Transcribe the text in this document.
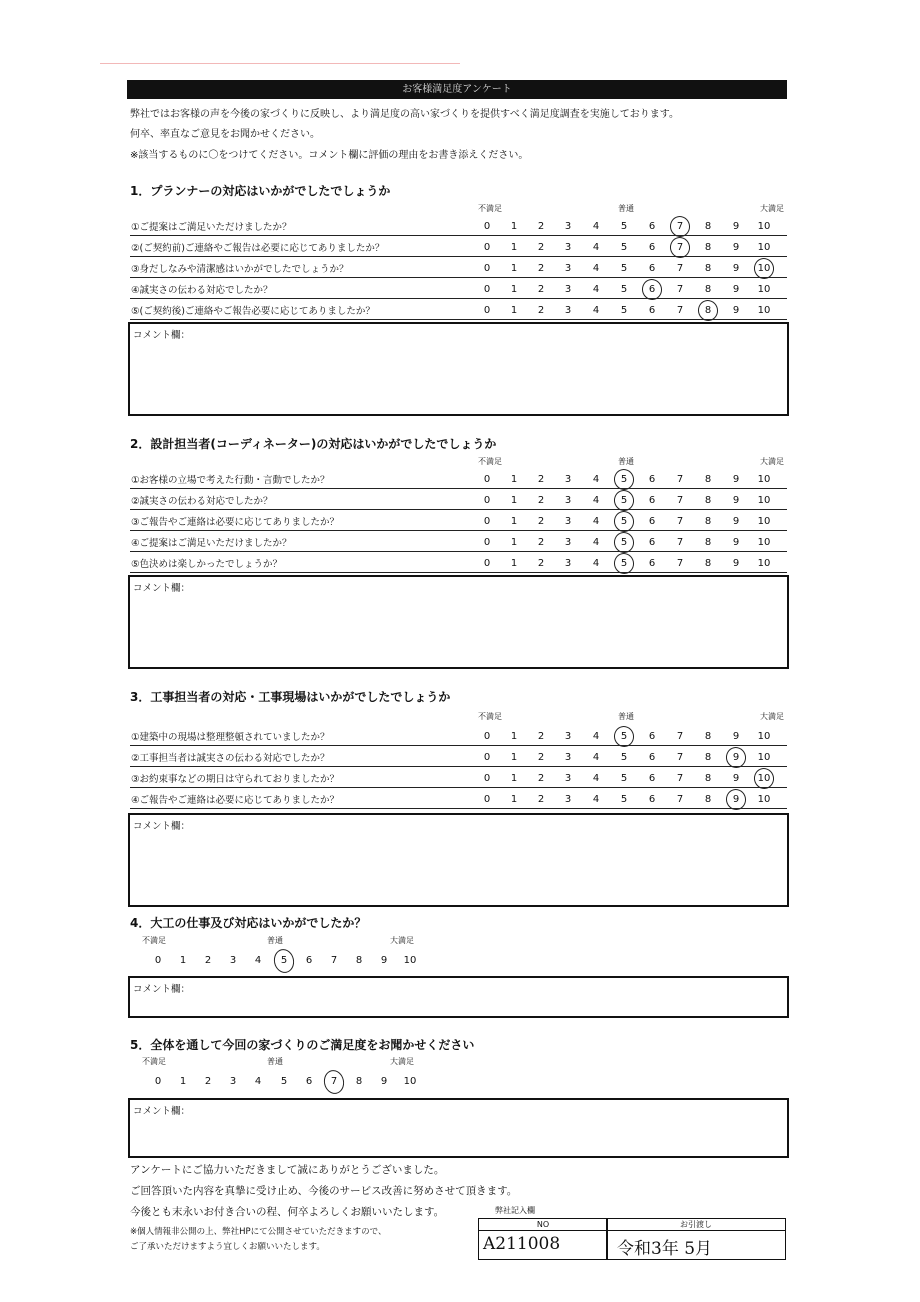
お客様満足度アンケート
弊社ではお客様の声を今後の家づくりに反映し、より満足度の高い家づくりを提供すべく満足度調査を実施しております。
何卒、率直なご意見をお聞かせください。
※該当するものに〇をつけてください。コメント欄に評価の理由をお書き添えください。
1．プランナーの対応はいかがでしたでしょうか
不満足	普通	大満足
①ご提案はご満足いただけましたか？	0	1	2	3	4	5	6	7	8	9	10
②(ご契約前)ご連絡やご報告は必要に応じてありましたか？	0	1	2	3	4	5	6	7	8	9	10
③身だしなみや清潔感はいかがでしたでしょうか？	0	1	2	3	4	5	6	7	8	9	10
④誠実さの伝わる対応でしたか？	0	1	2	3	4	5	6	7	8	9	10
⑤(ご契約後)ご連絡やご報告必要に応じてありましたか？	0	1	2	3	4	5	6	7	8	9	10
コメント欄：
2．設計担当者(コーディネーター)の対応はいかがでしたでしょうか
不満足	普通	大満足
①お客様の立場で考えた行動・言動でしたか？	0	1	2	3	4	5	6	7	8	9	10
②誠実さの伝わる対応でしたか？	0	1	2	3	4	5	6	7	8	9	10
③ご報告やご連絡は必要に応じてありましたか？	0	1	2	3	4	5	6	7	8	9	10
④ご提案はご満足いただけましたか？	0	1	2	3	4	5	6	7	8	9	10
⑤色決めは楽しかったでしょうか？	0	1	2	3	4	5	6	7	8	9	10
コメント欄：
3．工事担当者の対応・工事現場はいかがでしたでしょうか
不満足	普通	大満足
①建築中の現場は整理整頓されていましたか？	0	1	2	3	4	5	6	7	8	9	10
②工事担当者は誠実さの伝わる対応でしたか？	0	1	2	3	4	5	6	7	8	9	10
③お約束事などの期日は守られておりましたか？	0	1	2	3	4	5	6	7	8	9	10
④ご報告やご連絡は必要に応じてありましたか？	0	1	2	3	4	5	6	7	8	9	10
コメント欄：
4．大工の仕事及び対応はいかがでしたか？
不満足	普通	大満足
コメント欄：
5．全体を通して今回の家づくりのご満足度をお聞かせください
不満足	普通	大満足
コメント欄：
アンケートにご協力いただきまして誠にありがとうございました。
ご回答頂いた内容を真摯に受け止め、今後のサービス改善に努めさせて頂きます。
今後とも末永いお付き合いの程、何卒よろしくお願いいたします。
※個人情報非公開の上、弊社HPにて公開させていただきますので、
ご了承いただけますよう宜しくお願いいたします。
弊社記入欄
NO	お引渡し
A211008	令和3年 5月
0	1	2	3	4	5	6	7	8	9	10
0	1	2	3	4	5	6	7	8	9	10
